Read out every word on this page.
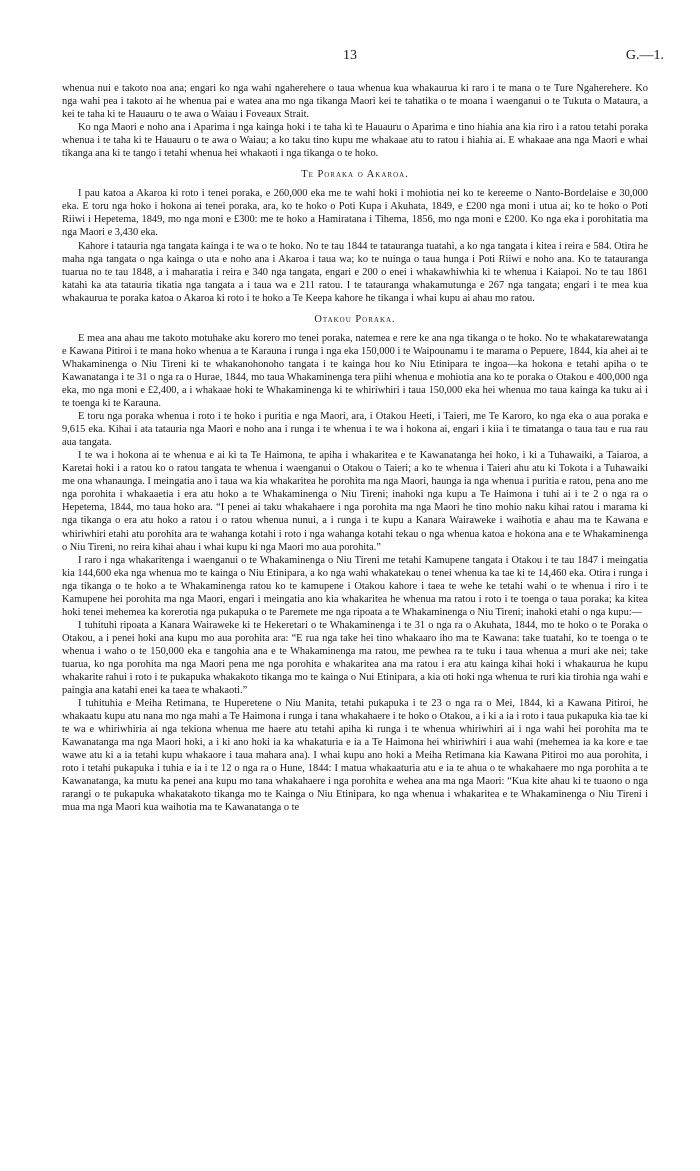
13	G.—1.

whenua nui e takoto noa ana; engari ko nga wahi ngaherehere o taua whenua kua whakaurua ki raro i te mana o te Ture Ngaherehere. Ko nga wahi pea i takoto ai he whenua pai e watea ana mo nga tikanga Maori kei te tahatika o te moana i waenganui o te Tukuta o Mataura, a kei te taha ki te Hauauru o te awa o Waiau i Foveaux Strait.

Ko nga Maori e noho ana i Aparima i nga kainga hoki i te taha ki te Hauauru o Aparima e tino hiahia ana kia riro i a ratou tetahi poraka whenua i te taha ki te Hauauru o te awa o Waiau; a ko taku tino kupu me whakaae atu to ratou i hiahia ai. E whakaae ana nga Maori e whai tikanga ana ki te tango i tetahi whenua hei whakaoti i nga tikanga o te hoko.

Te Poraka o Akaroa.

I pau katoa a Akaroa ki roto i tenei poraka, e 260,000 eka me te wahi hoki i mohiotia nei ko te kereeme o Nanto-Bordelaise e 30,000 eka. E toru nga hoko i hokona ai tenei poraka, ara, ko te hoko o Poti Kupa i Akuhata, 1849, e £200 nga moni i utua ai; ko te hoko o Poti Riiwi i Hepetema, 1849, mo nga moni e £300: me te hoko a Hamiratana i Tihema, 1856, mo nga moni e £200. Ko nga eka i porohitatia ma nga Maori e 3,430 eka.

Kahore i tatauria nga tangata kainga i te wa o te hoko. No te tau 1844 te tatauranga tuatahi, a ko nga tangata i kitea i reira e 584. Otira he maha nga tangata o nga kainga o uta e noho ana i Akaroa i taua wa; ko te nuinga o taua hunga i Poti Riiwi e noho ana. Ko te tatauranga tuarua no te tau 1848, a i maharatia i reira e 340 nga tangata, engari e 200 o enei i whakawhiwhia ki te whenua i Kaiapoi. No te tau 1861 katahi ka ata tatauria tikatia nga tangata a i taua wa e 211 ratou. I te tatauranga whakamutunga e 267 nga tangata; engari i te mea kua whakaurua te poraka katoa o Akaroa ki roto i te hoko a Te Keepa kahore he tikanga i whai kupu ai ahau mo ratou.

Otakou Poraka.

E mea ana ahau me takoto motuhake aku korero mo tenei poraka, natemea e rere ke ana nga tikanga o te hoko. No te whakatarewatanga e Kawana Pitiroi i te mana hoko whenua a te Karauna i runga i nga eka 150,000 i te Waipounamu i te marama o Pepuere, 1844, kia ahei ai te Whakaminenga o Niu Tireni ki te whakanohonoho tangata i te kainga hou ko Niu Etinipara te ingoa—ka hokona e tetahi apiha o te Kawanatanga i te 31 o nga ra o Hurae, 1844, mo taua Whakaminenga tera piihi whenua e mohiotia ana ko te poraka o Otakou e 400,000 nga eka, mo nga moni e £2,400, a i whakaae hoki te Whakaminenga ki te whiriwhiri i taua 150,000 eka hei whenua mo taua kainga ka tuku ai i te toenga ki te Karauna.

E toru nga poraka whenua i roto i te hoko i puritia e nga Maori, ara, i Otakou Heeti, i Taieri, me Te Karoro, ko nga eka o aua poraka e 9,615 eka. Kihai i ata tatauria nga Maori e noho ana i runga i te whenua i te wa i hokona ai, engari i kiia i te timatanga o taua tau e rua rau aua tangata.

I te wa i hokona ai te whenua e ai ki ta Te Haimona, te apiha i whakaritea e te Kawanatanga hei hoko, i ki a Tuhawaiki, a Taiaroa, a Karetai hoki i a ratou ko o ratou tangata te whenua i waenganui o Otakou o Taieri; a ko te whenua i Taieri ahu atu ki Tokota i a Tuhawaiki me ona whanaunga. I meingatia ano i taua wa kia whakaritea he porohita ma nga Maori, haunga ia nga whenua i puritia e ratou, pena ano me nga porohita i whakaaetia i era atu hoko a te Whakaminenga o Niu Tireni; inahoki nga kupu a Te Haimona i tuhi ai i te 2 o nga ra o Hepetema, 1844, mo taua hoko ara. “I penei ai taku whakahaere i nga porohita ma nga Maori he tino mohio naku kihai ratou i marama ki nga tikanga o era atu hoko a ratou i o ratou whenua nunui, a i runga i te kupu a Kanara Wairaweke i waihotia e ahau ma te Kawana e whiriwhiri etahi atu porohita ara te wahanga kotahi i roto i nga wahanga kotahi tekau o nga whenua katoa e hokona ana e te Whakaminenga o Niu Tireni, no reira kihai ahau i whai kupu ki nga Maori mo aua porohita.”

I raro i nga whakaritenga i waenganui o te Whakaminenga o Niu Tireni me tetahi Kamupene tangata i Otakou i te tau 1847 i meingatia kia 144,600 eka nga whenua mo te kainga o Niu Etinipara, a ko nga wahi whakatekau o tenei whenua ka tae ki te 14,460 eka. Otira i runga i nga tikanga o te hoko a te Whakaminenga ratou ko te kamupene i Otakou kahore i taea te wehe ke tetahi wahi o te whenua i riro i te Kamupene hei porohita ma nga Maori, engari i meingatia ano kia whakaritea he whenua ma ratou i roto i te toenga o taua poraka; ka kitea hoki tenei mehemea ka korerotia nga pukapuka o te Paremete me nga ripoata a te Whakaminenga o Niu Tireni; inahoki etahi o nga kupu:—

I tuhituhi ripoata a Kanara Wairaweke ki te Hekeretari o te Whakaminenga i te 31 o nga ra o Akuhata, 1844, mo te hoko o te Poraka o Otakou, a i penei hoki ana kupu mo aua porohita ara: “E rua nga take hei tino whakaaro iho ma te Kawana: take tuatahi, ko te toenga o te whenua i waho o te 150,000 eka e tangohia ana e te Whakaminenga ma ratou, me pewhea ra te tuku i taua whenua a muri ake nei; take tuarua, ko nga porohita ma nga Maori pena me nga porohita e whakaritea ana ma ratou i era atu kainga kihai hoki i whakaurua he kupu whakarite rahui i roto i te pukapuka whakakoto tikanga mo te kainga o Nui Etinipara, a kia oti hoki nga whenua te ruri kia tirohia nga wahi e paingia ana katahi enei ka taea te whakaoti.”

I tuhituhia e Meiha Retimana, te Huperetene o Niu Manita, tetahi pukapuka i te 23 o nga ra o Mei, 1844, ki a Kawana Pitiroi, he whakaatu kupu atu nana mo nga mahi a Te Haimona i runga i tana whakahaere i te hoko o Otakou, a i ki a ia i roto i taua pukapuka kia tae ki te wa e whiriwhiria ai nga tekiona whenua me haere atu tetahi apiha ki runga i te whenua whiriwhiri ai i nga wahi hei porohita ma te Kawanatanga ma nga Maori hoki, a i ki ano hoki ia ka whakaturia e ia a Te Haimona hei whiriwhiri i aua wahi (mehemea ia ka kore e tae wawe atu ki a ia tetahi kupu whakaore i taua mahara ana). I whai kupu ano hoki a Meiha Retimana kia Kawana Pitiroi mo aua porohita, i roto i tetahi pukapuka i tuhia e ia i te 12 o nga ra o Hune, 1844: I matua whakaaturia atu e ia te ahua o te whakahaere mo nga porohita a te Kawanatanga, ka mutu ka penei ana kupu mo tana whakahaere i nga porohita e wehea ana ma nga Maori: “Kua kite ahau ki te tuaono o nga rarangi o te pukapuka whakatakoto tikanga mo te Kainga o Niu Etinipara, ko nga whenua i whakaritea e te Whakaminenga o Niu Tireni i mua ma nga Maori kua waihotia ma te Kawanatanga o te
